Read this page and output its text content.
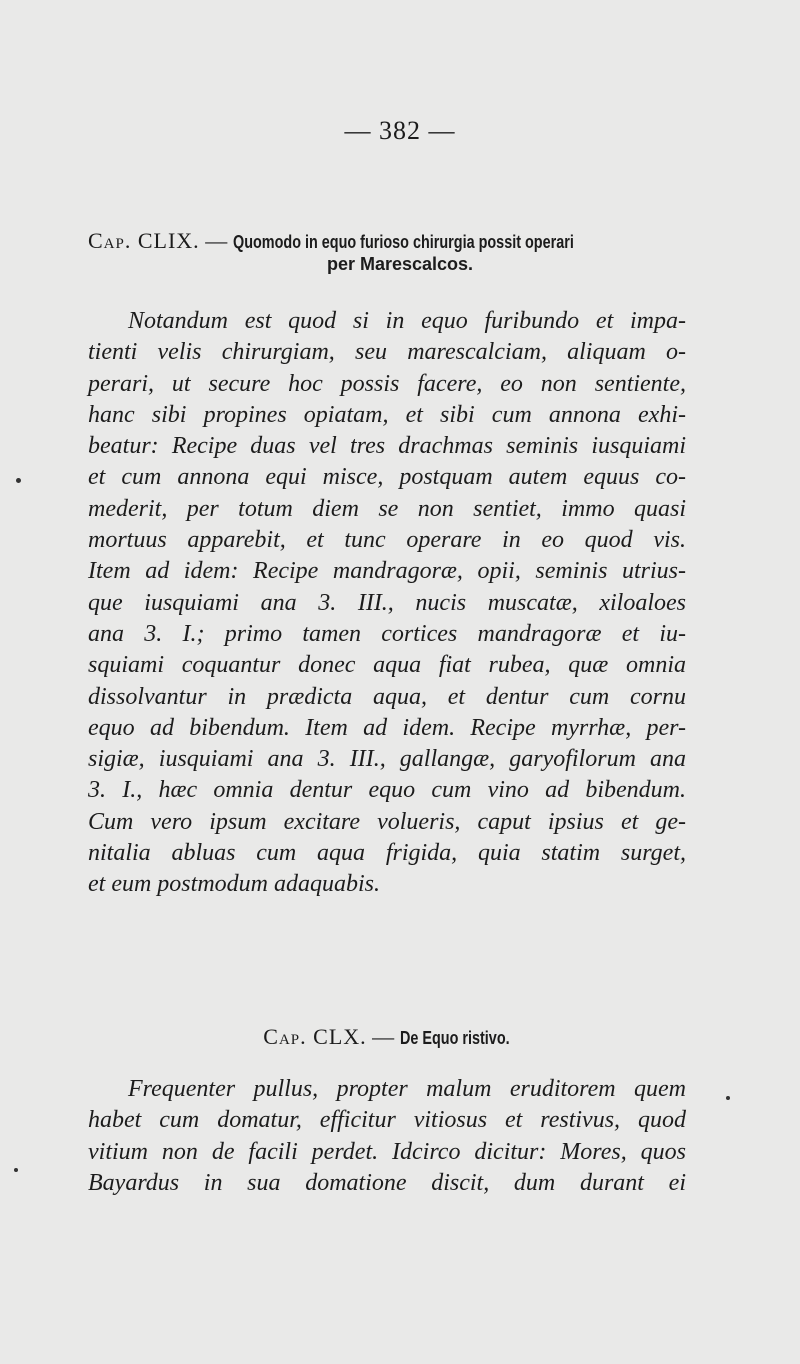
— 382 —
Cap. CLIX. — Quomodo in equo furioso chirurgia possit operari
per Marescalcos.
Notandum est quod si in equo furibundo et impa-
tienti velis chirurgiam, seu marescalciam, aliquam o-
perari, ut secure hoc possis facere, eo non sentiente,
hanc sibi propines opiatam, et sibi cum annona exhi-
beatur: Recipe duas vel tres drachmas seminis iusquiami
et cum annona equi misce, postquam autem equus co-
mederit, per totum diem se non sentiet, immo quasi
mortuus apparebit, et tunc operare in eo quod vis.
Item ad idem: Recipe mandragoræ, opii, seminis utrius-
que iusquiami ana 3. III., nucis muscatæ, xiloaloes
ana 3. I.; primo tamen cortices mandragoræ et iu-
squiami coquantur donec aqua fiat rubea, quæ omnia
dissolvantur in prædicta aqua, et dentur cum cornu
equo ad bibendum. Item ad idem. Recipe myrrhæ, per-
sigiæ, iusquiami ana 3. III., gallangæ, garyofilorum ana
3. I., hæc omnia dentur equo cum vino ad bibendum.
Cum vero ipsum excitare volueris, caput ipsius et ge-
nitalia abluas cum aqua frigida, quia statim surget,
et eum postmodum adaquabis.
Cap. CLX. — De Equo ristivo.
Frequenter pullus, propter malum eruditorem quem
habet cum domatur, efficitur vitiosus et restivus, quod
vitium non de facili perdet. Idcirco dicitur: Mores, quos
Bayardus in sua domatione discit, dum durant ei
